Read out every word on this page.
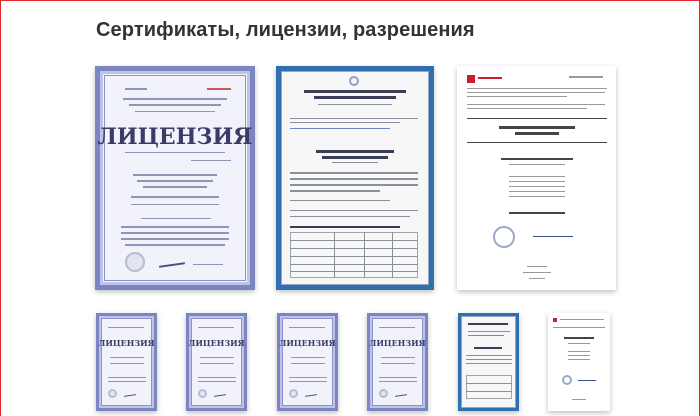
Сертификаты, лицензии, разрешения
ЛИЦЕНЗИЯ
ЛИЦЕНЗИЯ	ЛИЦЕНЗИЯ	ЛИЦЕНЗИЯ	ЛИЦЕНЗИЯ
